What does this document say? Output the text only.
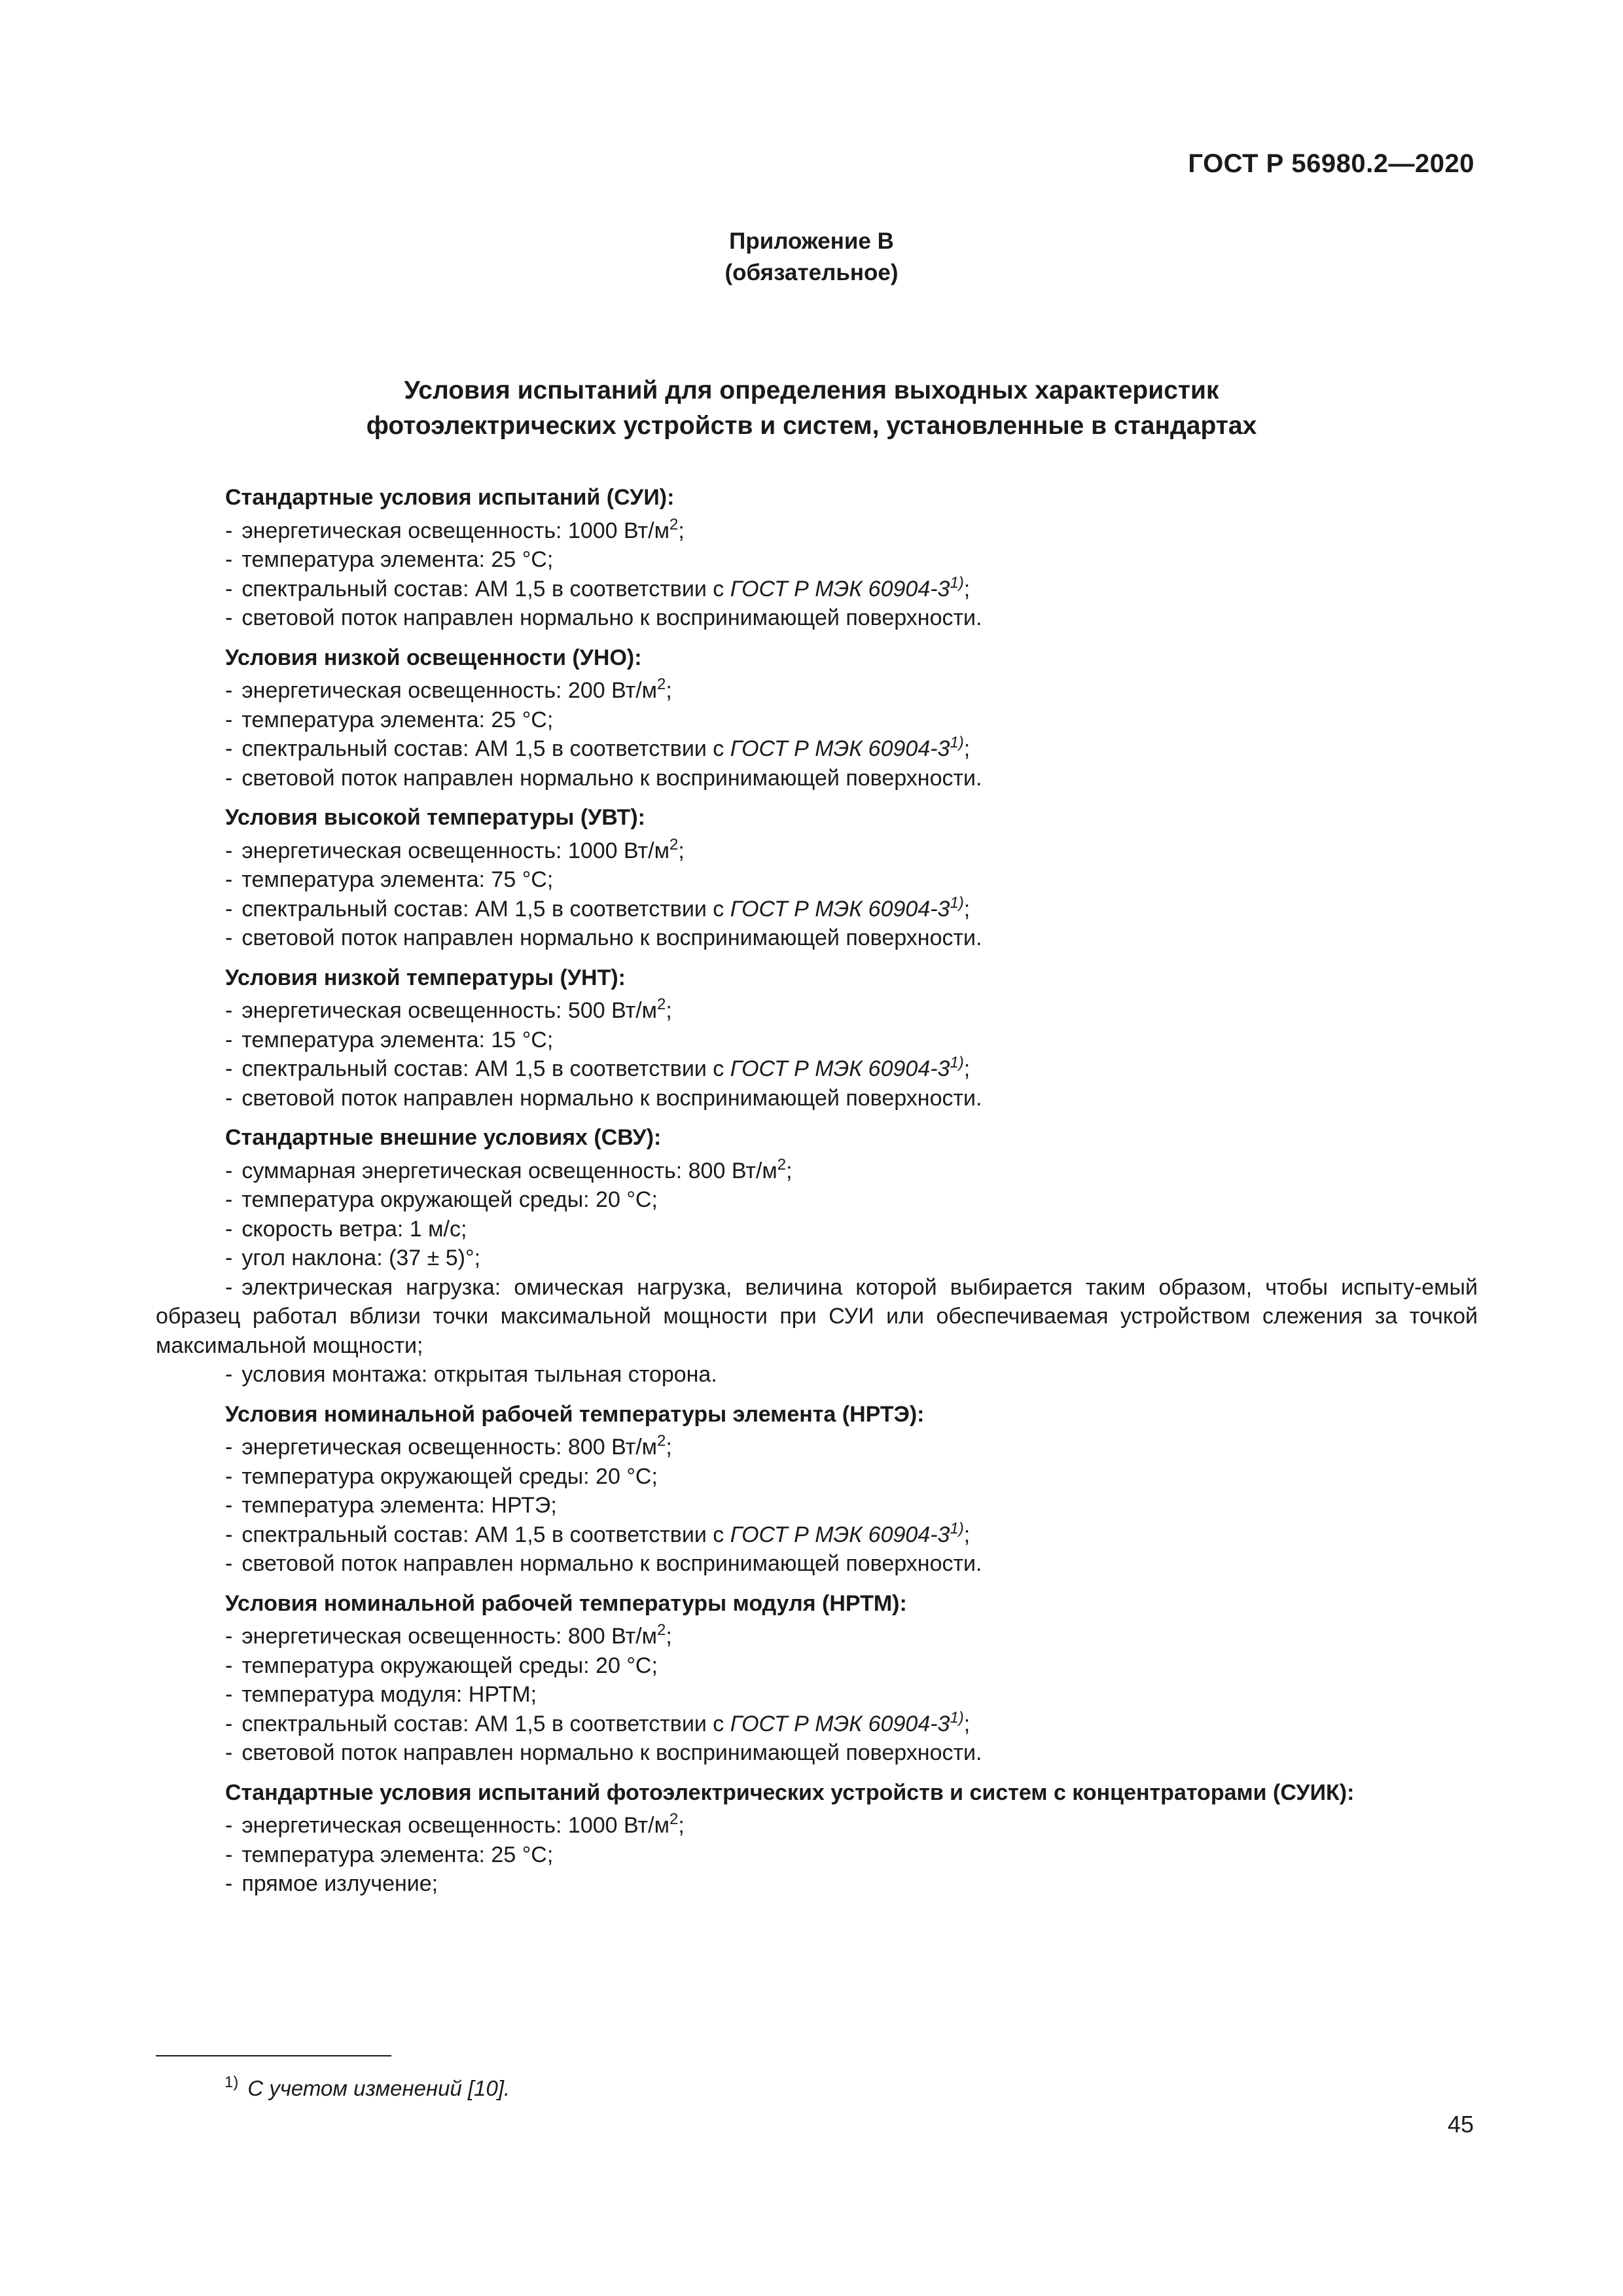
ГОСТ Р 56980.2—2020
Приложение В
(обязательное)
Условия испытаний для определения выходных характеристик
фотоэлектрических устройств и систем, установленные в стандартах
Стандартные условия испытаний (СУИ):
- энергетическая освещенность: 1000 $Вт/м^2$;
- температура элемента: 25 °С;
- спектральный состав: АМ 1,5 в соответствии с ГОСТ Р МЭК 60904-3$^{1)}$;
- световой поток направлен нормально к воспринимающей поверхности.
Условия низкой освещенности (УНО):
- энергетическая освещенность: 200 $Вт/м^2$;
- температура элемента: 25 °С;
- спектральный состав: АМ 1,5 в соответствии с ГОСТ Р МЭК 60904-3$^{1)}$;
- световой поток направлен нормально к воспринимающей поверхности.
Условия высокой температуры (УВТ):
- энергетическая освещенность: 1000 $Вт/м^2$;
- температура элемента: 75 °С;
- спектральный состав: АМ 1,5 в соответствии с ГОСТ Р МЭК 60904-3$^{1)}$;
- световой поток направлен нормально к воспринимающей поверхности.
Условия низкой температуры (УНТ):
- энергетическая освещенность: 500 $Вт/м^2$;
- температура элемента: 15 °С;
- спектральный состав: АМ 1,5 в соответствии с ГОСТ Р МЭК 60904-3$^{1)}$;
- световой поток направлен нормально к воспринимающей поверхности.
Стандартные внешние условиях (СВУ):
- суммарная энергетическая освещенность: 800 $Вт/м^2$;
- температура окружающей среды: 20 °С;
- скорость ветра: 1 м/с;
- угол наклона: (37 ± 5)°;
- электрическая нагрузка: омическая нагрузка, величина которой выбирается таким образом, чтобы испыту-емый образец работал вблизи точки максимальной мощности при СУИ или обеспечиваемая устройством слежения за точкой максимальной мощности;
- условия монтажа: открытая тыльная сторона.
Условия номинальной рабочей температуры элемента (НРТЭ):
- энергетическая освещенность: 800 $Вт/м^2$;
- температура окружающей среды: 20 °С;
- температура элемента: НРТЭ;
- спектральный состав: АМ 1,5 в соответствии с ГОСТ Р МЭК 60904-3$^{1)}$;
- световой поток направлен нормально к воспринимающей поверхности.
Условия номинальной рабочей температуры модуля (НРТМ):
- энергетическая освещенность: 800 $Вт/м^2$;
- температура окружающей среды: 20 °С;
- температура модуля: НРТМ;
- спектральный состав: АМ 1,5 в соответствии с ГОСТ Р МЭК 60904-3$^{1)}$;
- световой поток направлен нормально к воспринимающей поверхности.
Стандартные условия испытаний фотоэлектрических устройств и систем с концентраторами (СУИК):
- энергетическая освещенность: 1000 $Вт/м^2$;
- температура элемента: 25 °С;
- прямое излучение;
$^{1)}$ С учетом изменений [10].
45
